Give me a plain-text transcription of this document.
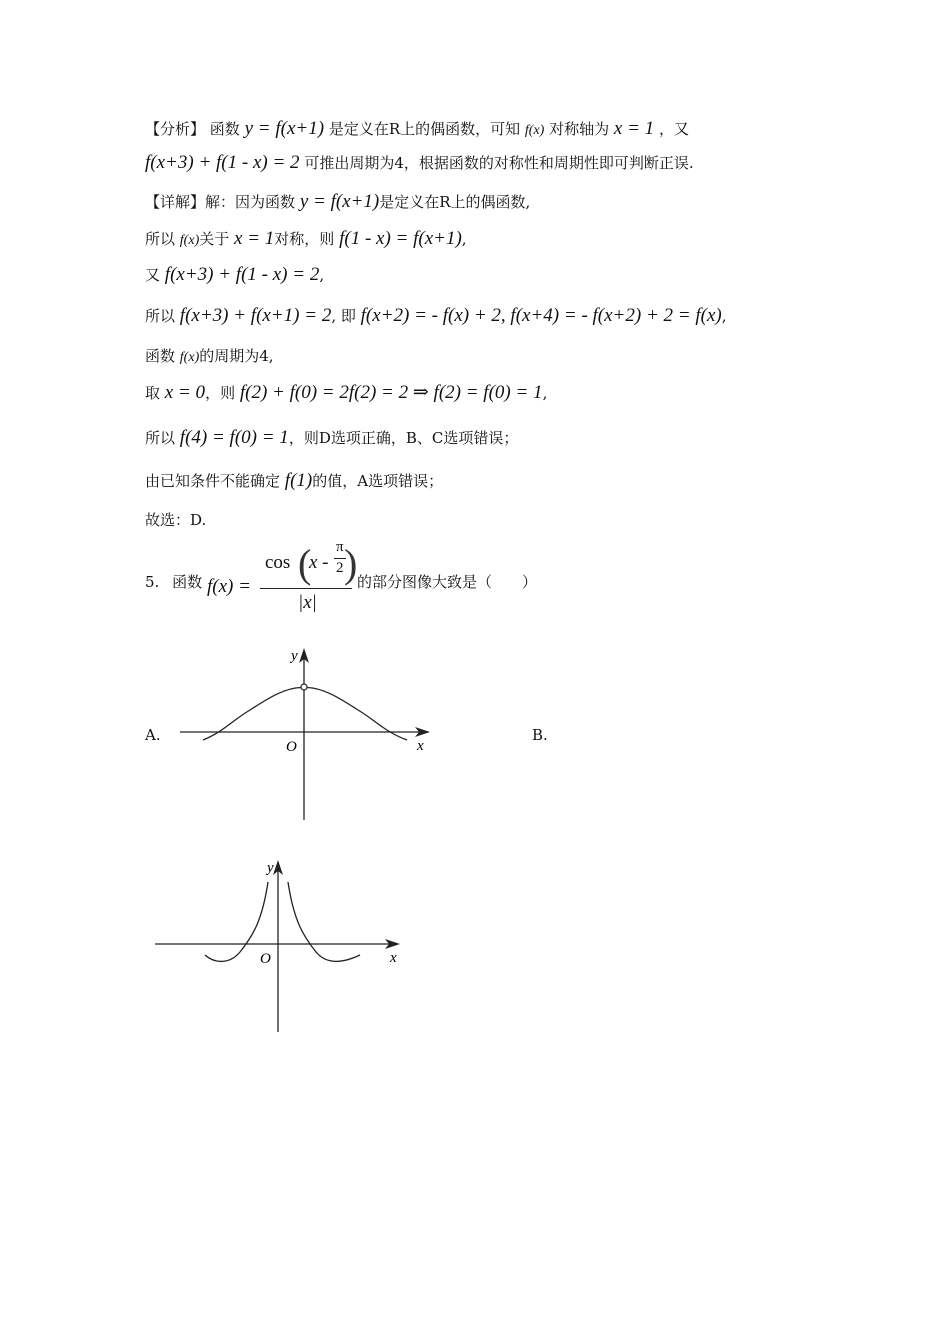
【分析】 函数 y = f(x+1) 是定义在R上的偶函数，可知 f(x) 对称轴为 x = 1 ，又
f(x+3) + f(1 - x) = 2 可推出周期为4，根据函数的对称性和周期性即可判断正误.
【详解】解：因为函数 y = f(x+1)是定义在R上的偶函数,
所以 f(x)关于 x = 1对称，则 f(1 - x) = f(x+1),
又 f(x+3) + f(1 - x) = 2,
所以 f(x+3) + f(x+1) = 2, 即 f(x+2) = - f(x) + 2, f(x+4) = - f(x+2) + 2 = f(x),
函数 f(x)的周期为4,
取 x = 0，则 f(2) + f(0) = 2f(2) = 2 ⇒ f(2) = f(0) = 1,
所以 f(4) = f(0) = 1，则D选项正确，B、C选项错误；
由已知条件不能确定 f(1)的值，A选项错误；
故选：D.
5. 函数 f(x) =
cos (
x -
π
2 )
|x|
的部分图像大致是（　　）
A.	B.
y
x
O
y
x
O
